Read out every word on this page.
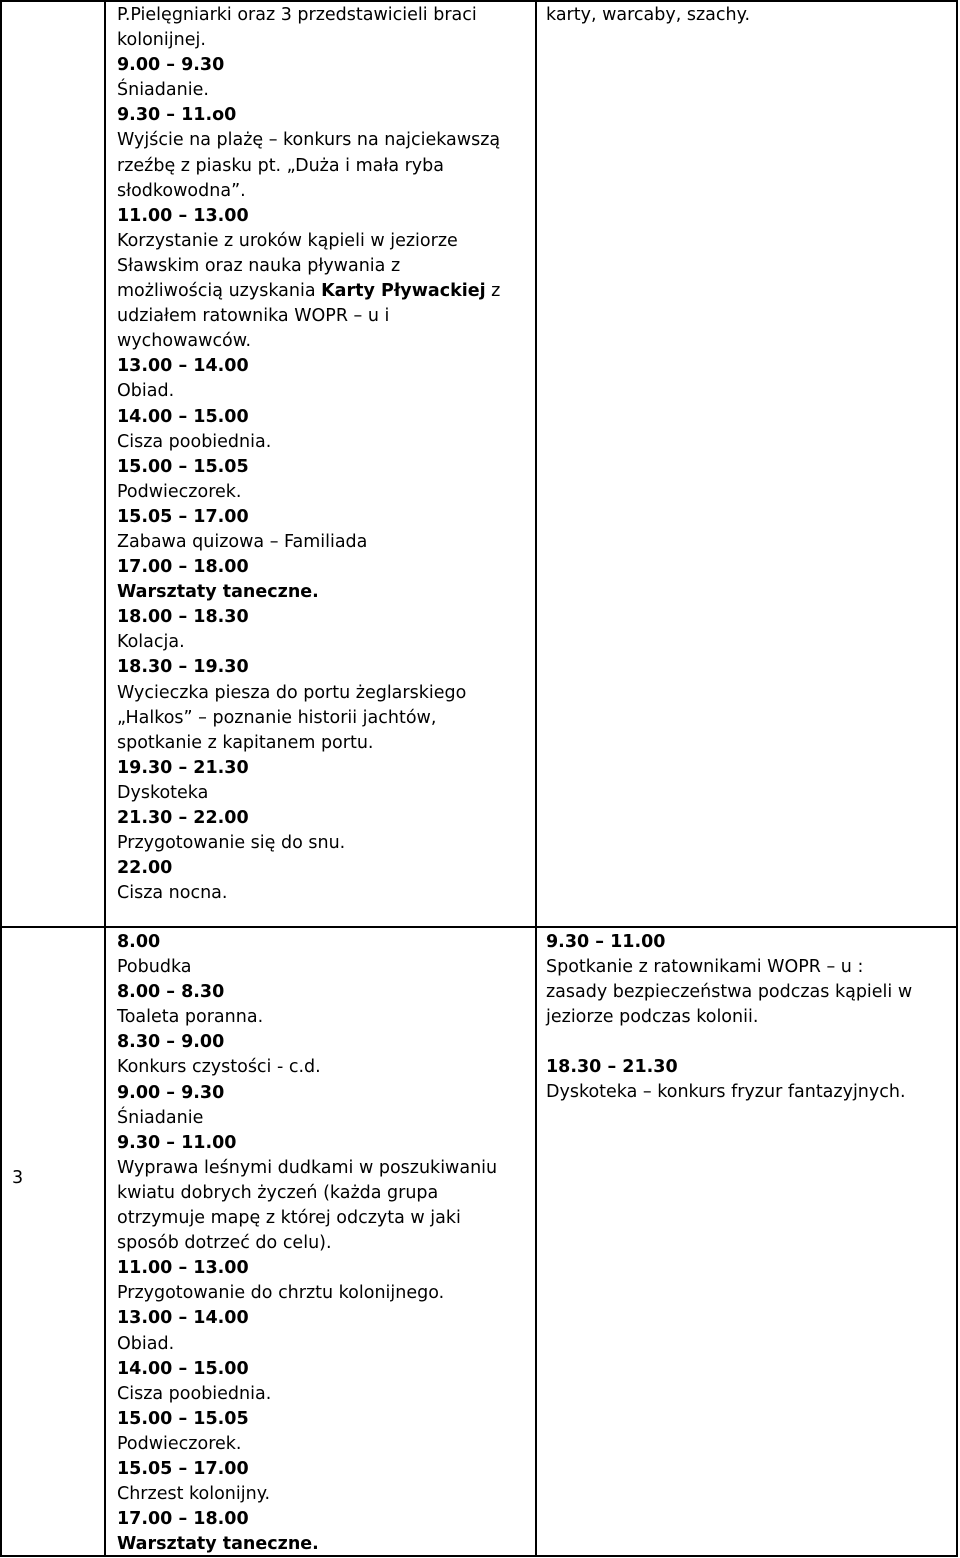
P.Pielęgniarki oraz 3 przedstawicieli braci

kolonijnej.

9.00 – 9.30

Śniadanie.

9.30 – 11.o0

Wyjście na plażę – konkurs na najciekawszą

rzeźbę z piasku pt. „Duża i mała ryba

słodkowodna”.

11.00 – 13.00

Korzystanie z uroków kąpieli w jeziorze

Sławskim oraz nauka pływania z

możliwością uzyskania Karty Pływackiej z

udziałem ratownika WOPR – u i

wychowawców.

13.00 – 14.00

Obiad.

14.00 – 15.00

Cisza poobiednia.

15.00 – 15.05

Podwieczorek.

15.05 – 17.00

Zabawa quizowa – Familiada

17.00 – 18.00

Warsztaty taneczne.

18.00 – 18.30

Kolacja.

18.30 – 19.30

Wycieczka piesza do portu żeglarskiego

„Halkos” – poznanie historii jachtów,

spotkanie z kapitanem portu.

19.30 – 21.30

Dyskoteka

21.30 – 22.00

Przygotowanie się do snu.

22.00

Cisza nocna.

karty, warcaby, szachy.

3

8.00

Pobudka

8.00 – 8.30

Toaleta poranna.

8.30 – 9.00

Konkurs czystości - c.d.

9.00 – 9.30

Śniadanie

9.30 – 11.00

Wyprawa leśnymi dudkami w poszukiwaniu

kwiatu dobrych życzeń (każda grupa

otrzymuje mapę z której odczyta w jaki

sposób dotrzeć do celu).

11.00 – 13.00

Przygotowanie do chrztu kolonijnego.

13.00 – 14.00

Obiad.

14.00 – 15.00

Cisza poobiednia.

15.00 – 15.05

Podwieczorek.

15.05 – 17.00

Chrzest kolonijny.

17.00 – 18.00

Warsztaty taneczne.

9.30 – 11.00

Spotkanie z ratownikami WOPR – u :

zasady bezpieczeństwa podczas kąpieli w

jeziorze podczas kolonii.

18.30 – 21.30

Dyskoteka – konkurs fryzur fantazyjnych.
